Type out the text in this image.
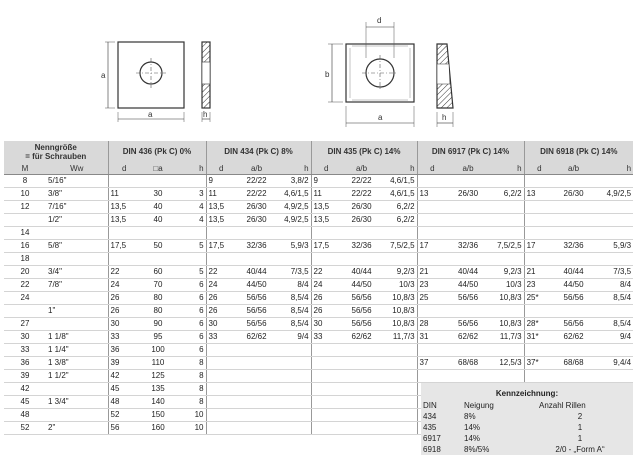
a
a	h
d
b
a	h
Nenngröße
= für Schrauben		DIN 436 (Pk C) 0%			DIN 434 (Pk C) 8%			DIN 435 (Pk C) 14%			DIN 6917 (Pk C) 14%			DIN 6918 (Pk C) 14%		
M	Ww	d	□a	h	d	a/b	h	d	a/b	h	d	a/b	h	d	a/b	h
8	5/16"				9	22/22	3,8/2	9	22/22	4,6/1,5						
10	3/8"	11	30	3	11	22/22	4,6/1,5	11	22/22	4,6/1,5	13	26/30	6,2/2	13	26/30	4,9/2,5
12	7/16"	13,5	40	4	13,5	26/30	4,9/2,5	13,5	26/30	6,2/2						
	1/2"	13,5	40	4	13,5	26/30	4,9/2,5	13,5	26/30	6,2/2						
14																
16	5/8"	17,5	50	5	17,5	32/36	5,9/3	17,5	32/36	7,5/2,5	17	32/36	7,5/2,5	17	32/36	5,9/3
18																
20	3/4"	22	60	5	22	40/44	7/3,5	22	40/44	9,2/3	21	40/44	9,2/3	21	40/44	7/3,5
22	7/8"	24	70	6	24	44/50	8/4	24	44/50	10/3	23	44/50	10/3	23	44/50	8/4
24		26	80	6	26	56/56	8,5/4	26	56/56	10,8/3	25	56/56	10,8/3	25*	56/56	8,5/4
	1"	26	80	6	26	56/56	8,5/4	26	56/56	10,8/3						
27		30	90	6	30	56/56	8,5/4	30	56/56	10,8/3	28	56/56	10,8/3	28*	56/56	8,5/4
30	1 1/8"	33	95	6	33	62/62	9/4	33	62/62	11,7/3	31	62/62	11,7/3	31*	62/62	9/4
33	1 1/4"	36	100	6												
36	1 3/8"	39	110	8							37	68/68	12,5/3	37*	68/68	9,4/4
39	1 1/2"	42	125	8												
42		45	135	8												
45	1 3/4"	48	140	8												
48		52	150	10												
52	2"	56	160	10												
Kennzeichnung:
DIN	Neigung	Anzahl Rillen
434	8%	2
435	14%	1
6917	14%	1
6918	8%/5%	2/0 - „Form A“
